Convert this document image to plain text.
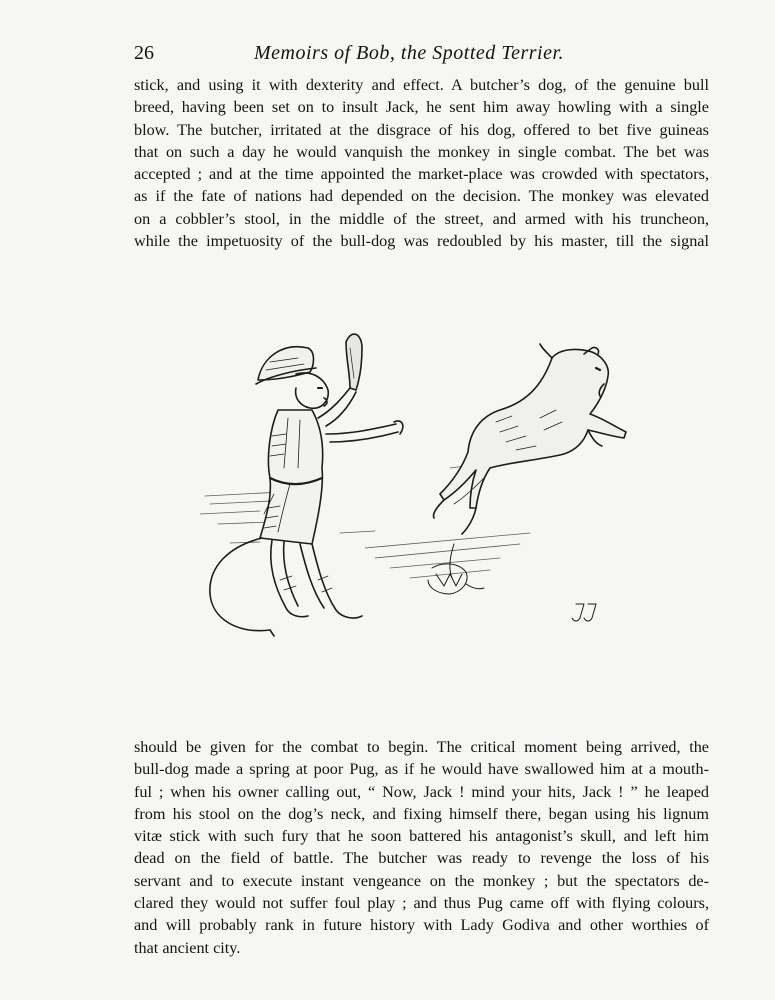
26	Memoirs of Bob, the Spotted Terrier.
stick, and using it with dexterity and effect. A butcher’s dog, of the genuine bull
breed, having been set on to insult Jack, he sent him away howling with a single
blow. The butcher, irritated at the disgrace of his dog, offered to bet five guineas
that on such a day he would vanquish the monkey in single combat. The bet was
accepted ; and at the time appointed the market-place was crowded with spectators,
as if the fate of nations had depended on the decision. The monkey was elevated
on a cobbler’s stool, in the middle of the street, and armed with his truncheon,
while the impetuosity of the bull-dog was redoubled by his master, till the signal
should be given for the combat to begin. The critical moment being arrived, the
bull-dog made a spring at poor Pug, as if he would have swallowed him at a mouth-
ful ; when his owner calling out, “ Now, Jack ! mind your hits, Jack ! ” he leaped
from his stool on the dog’s neck, and fixing himself there, began using his lignum
vitæ stick with such fury that he soon battered his antagonist’s skull, and left him
dead on the field of battle. The butcher was ready to revenge the loss of his
servant and to execute instant vengeance on the monkey ; but the spectators de-
clared they would not suffer foul play ; and thus Pug came off with flying colours,
and will probably rank in future history with Lady Godiva and other worthies of
that ancient city.
